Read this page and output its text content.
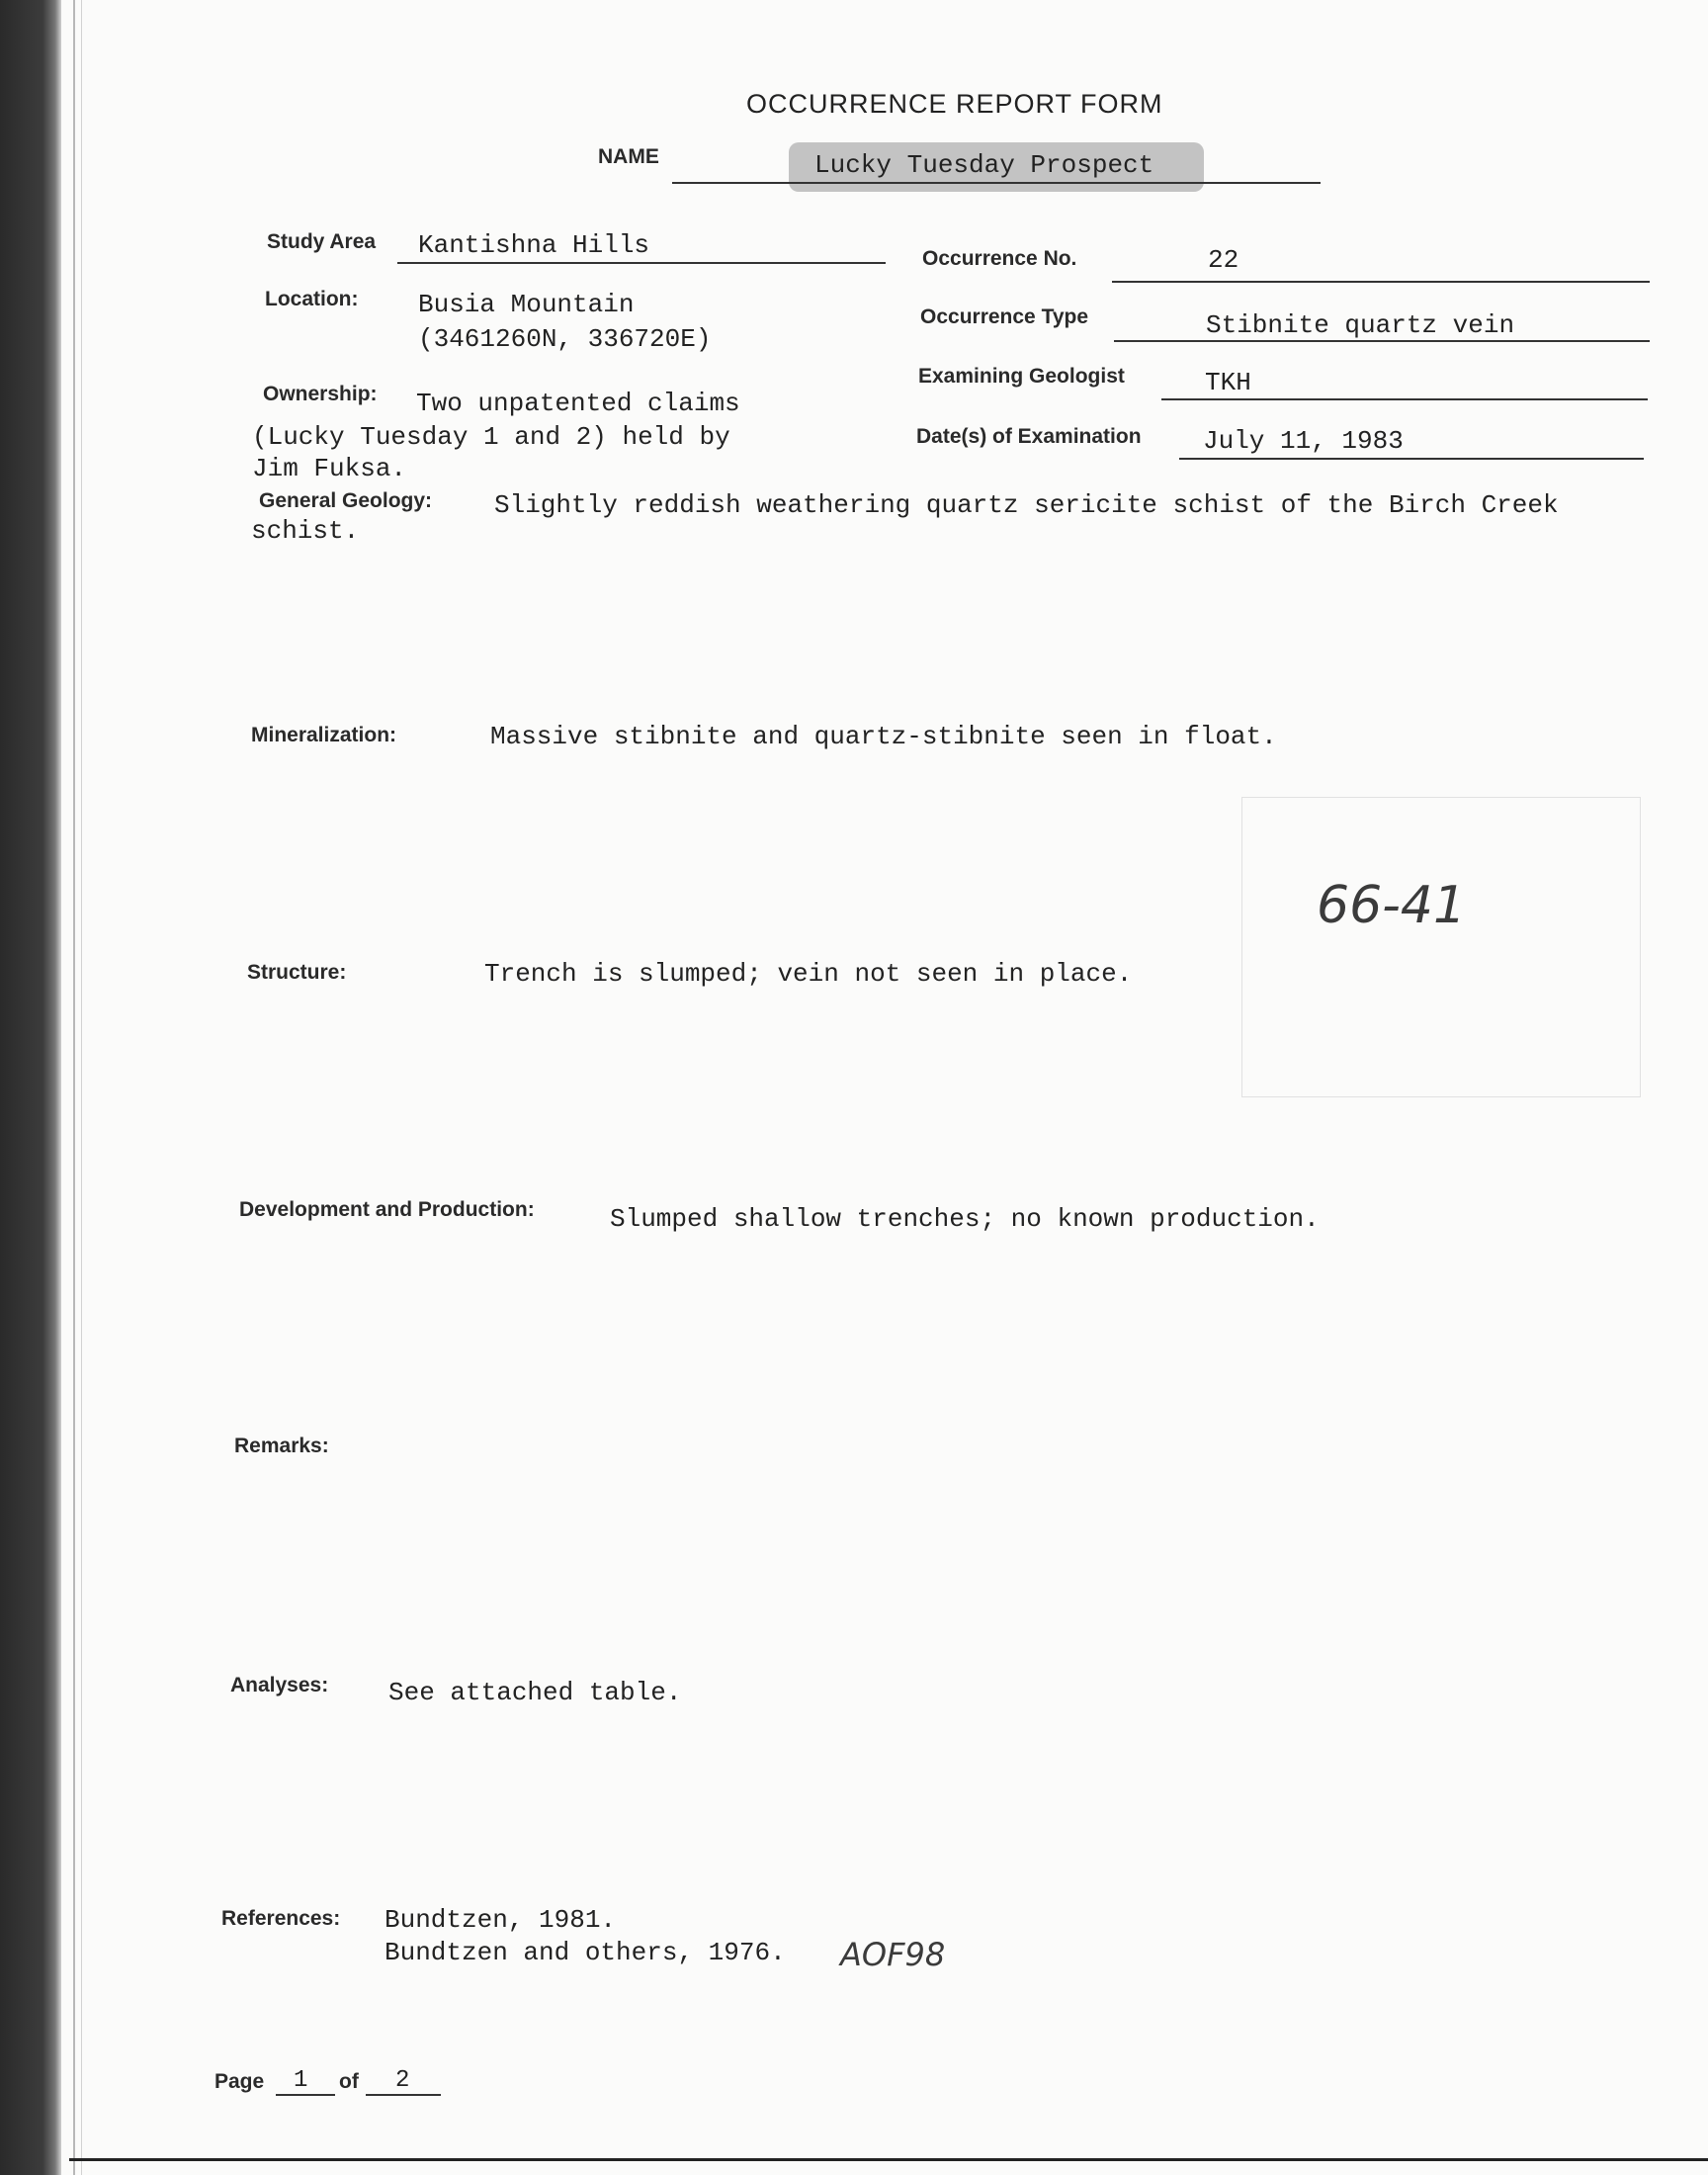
OCCURRENCE REPORT FORM
NAME	Lucky Tuesday Prospect
Study Area Kantishna Hills	Occurrence No.	22
Location: Busia Mountain
(3461260N, 336720E)
Occurrence Type	Stibnite quartz vein
Examining Geologist	TKH
Ownership: Two unpatented claims
(Lucky Tuesday 1 and 2) held by
Jim Fuksa.
Date(s) of Examination July 11, 1983
General Geology: Slightly reddish weathering quartz sericite schist of the Birch Creek
schist.
Mineralization:	Massive stibnite and quartz-stibnite seen in float.
66-41
Structure:	Trench is slumped; vein not seen in place.
Development and Production:	Slumped shallow trenches; no known production.
Remarks:
Analyses: See attached table.
References: Bundtzen, 1981.
Bundtzen and others, 1976. AOF98
Page 1 of 2
